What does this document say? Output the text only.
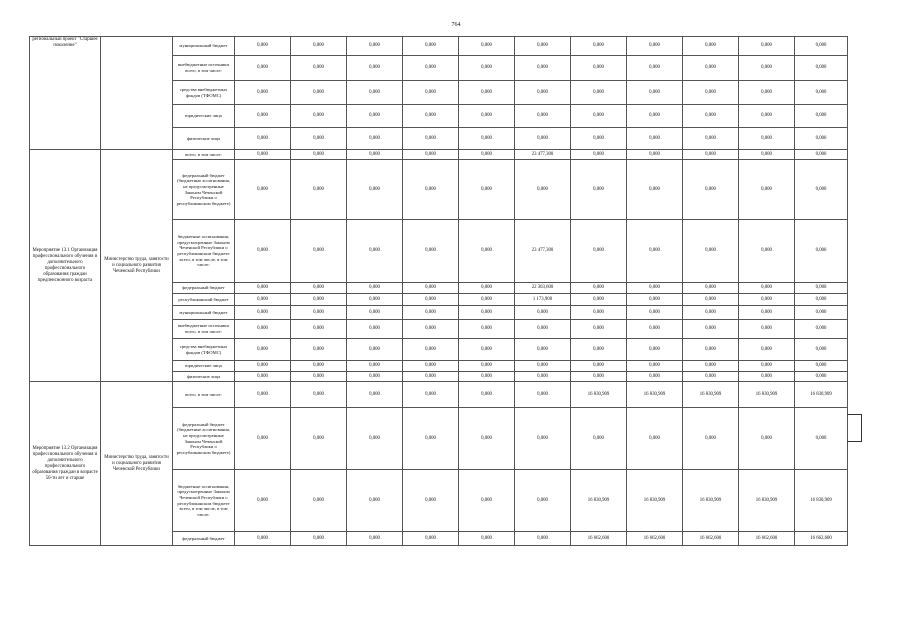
764
региональный проект "Старшее поколение"		муниципальный бюджет	0,000	0,000	0,000	0,000	0,000	0,000	0,000	0,000	0,000	0,000	0,000
		внебюджетные источники всего, в том числе:	0,000	0,000	0,000	0,000	0,000	0,000	0,000	0,000	0,000	0,000	0,000
		средства внебюджетных фондов (ТФОМС)	0,000	0,000	0,000	0,000	0,000	0,000	0,000	0,000	0,000	0,000	0,000
		юридические лица	0,000	0,000	0,000	0,000	0,000	0,000	0,000	0,000	0,000	0,000	0,000
		физические лица	0,000	0,000	0,000	0,000	0,000	0,000	0,000	0,000	0,000	0,000	0,000
Мероприятие 13.1 Организация профессионального обучения и дополнительного профессионального образования граждан предпенсионного возраста	Министерство труда, занятости и социального развития Чеченской Республики	всего, в том числе:	0,000	0,000	0,000	0,000	0,000	23 477,300	0,000	0,000	0,000	0,000	0,000
		федеральный бюджет (бюджетные ассигнования, не предусмотренные Законом Чеченской Республики о республиканском бюджете)	0,000	0,000	0,000	0,000	0,000	0,000	0,000	0,000	0,000	0,000	0,000
		бюджетные ассигнования, предусмотренные Законом Чеченской Республики о республиканском бюджете всего, в том числе, в том числе:	0,000	0,000	0,000	0,000	0,000	23 477,300	0,000	0,000	0,000	0,000	0,000
		федеральный бюджет	0,000	0,000	0,000	0,000	0,000	22 303,600	0,000	0,000	0,000	0,000	0,000
		республиканский бюджет	0,000	0,000	0,000	0,000	0,000	1 173,900	0,000	0,000	0,000	0,000	0,000
		муниципальный бюджет	0,000	0,000	0,000	0,000	0,000	0,000	0,000	0,000	0,000	0,000	0,000
		внебюджетные источники всего, в том числе:	0,000	0,000	0,000	0,000	0,000	0,000	0,000	0,000	0,000	0,000	0,000
		средства внебюджетных фондов (ТФОМС)	0,000	0,000	0,000	0,000	0,000	0,000	0,000	0,000	0,000	0,000	0,000
		юридические лица	0,000	0,000	0,000	0,000	0,000	0,000	0,000	0,000	0,000	0,000	0,000
		физические лица	0,000	0,000	0,000	0,000	0,000	0,000	0,000	0,000	0,000	0,000	0,000
Мероприятие 13.2 Организация профессионального обучения и дополнительного профессионального образования граждан в возрасте 50-ти лет и старше	Министерство труда, занятости и социального развития Чеченской Республики	всего, в том числе:	0,000	0,000	0,000	0,000	0,000	0,000	16 830,909	16 830,909	16 830,909	16 830,909	16 830,909
		федеральный бюджет (бюджетные ассигнования, не предусмотренные Законом Чеченской Республики о республиканском бюджете)	0,000	0,000	0,000	0,000	0,000	0,000	0,000	0,000	0,000	0,000	0,000
		бюджетные ассигнования, предусмотренные Законом Чеченской Республики о республиканском бюджете всего, в том числе, в том числе:	0,000	0,000	0,000	0,000	0,000	0,000	16 830,909	16 830,909	16 830,909	16 830,909	16 830,909
		федеральный бюджет	0,000	0,000	0,000	0,000	0,000	0,000	16 662,600	16 662,600	16 662,600	16 662,600	16 662,600
